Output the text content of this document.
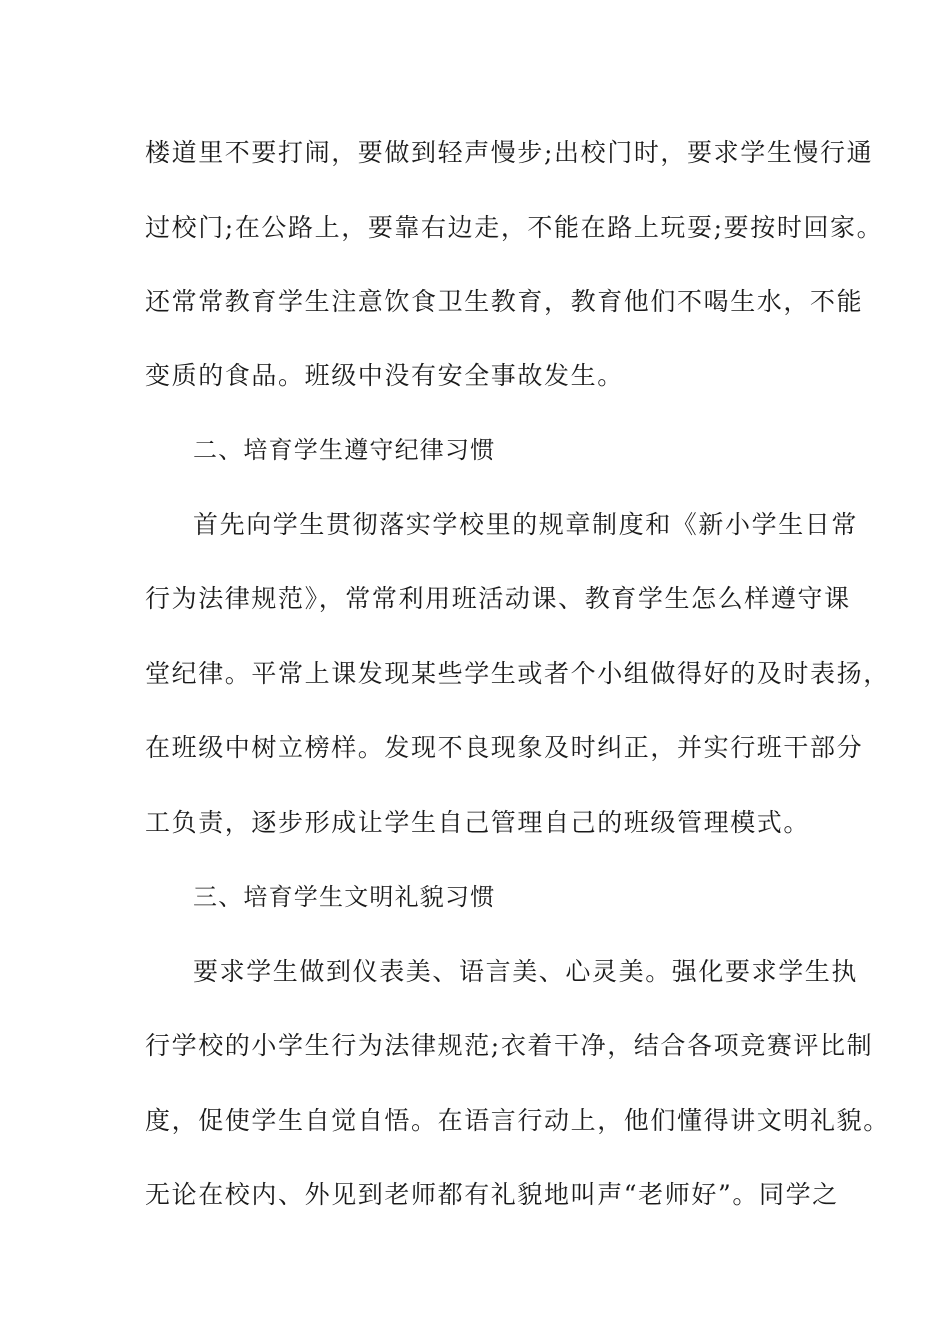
楼道里不要打闹，要做到轻声慢步;出校门时，要求学生慢行通
过校门;在公路上，要靠右边走，不能在路上玩耍;要按时回家。
还常常教育学生注意饮食卫生教育，教育他们不喝生水，不能
变质的食品。班级中没有安全事故发生。
二、培育学生遵守纪律习惯
首先向学生贯彻落实学校里的规章制度和《新小学生日常
行为法律规范》，常常利用班活动课、教育学生怎么样遵守课
堂纪律。平常上课发现某些学生或者个小组做得好的及时表扬，
在班级中树立榜样。发现不良现象及时纠正，并实行班干部分
工负责，逐步形成让学生自己管理自己的班级管理模式。
三、培育学生文明礼貌习惯
要求学生做到仪表美、语言美、心灵美。强化要求学生执
行学校的小学生行为法律规范;衣着干净，结合各项竞赛评比制
度，促使学生自觉自悟。在语言行动上，他们懂得讲文明礼貌。
无论在校内、外见到老师都有礼貌地叫声“老师好”。同学之
